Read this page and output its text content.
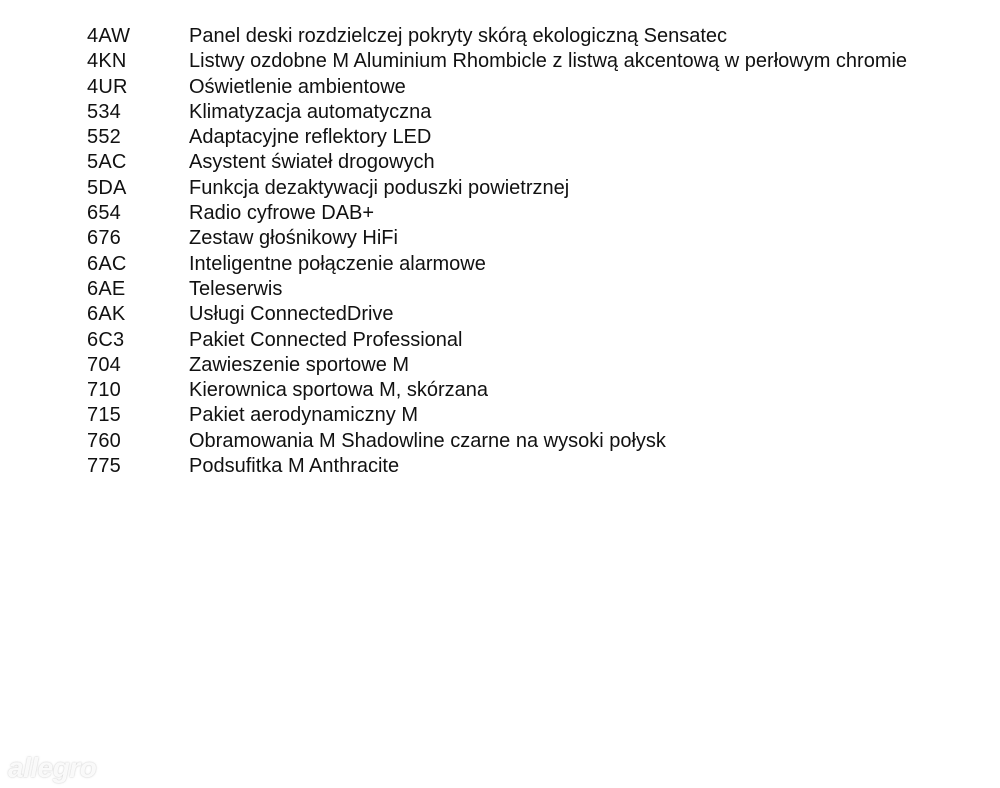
4AW	Panel deski rozdzielczej pokryty skórą ekologiczną Sensatec
4KN	Listwy ozdobne M Aluminium Rhombicle z listwą akcentową w perłowym chromie
4UR	Oświetlenie ambientowe
534	Klimatyzacja automatyczna
552	Adaptacyjne reflektory LED
5AC	Asystent świateł drogowych
5DA	Funkcja dezaktywacji poduszki powietrznej
654	Radio cyfrowe DAB+
676	Zestaw głośnikowy HiFi
6AC	Inteligentne połączenie alarmowe
6AE	Teleserwis
6AK	Usługi ConnectedDrive
6C3	Pakiet Connected Professional
704	Zawieszenie sportowe M
710	Kierownica sportowa M, skórzana
715	Pakiet aerodynamiczny M
760	Obramowania M Shadowline czarne na wysoki połysk
775	Podsufitka M Anthracite
allegro
